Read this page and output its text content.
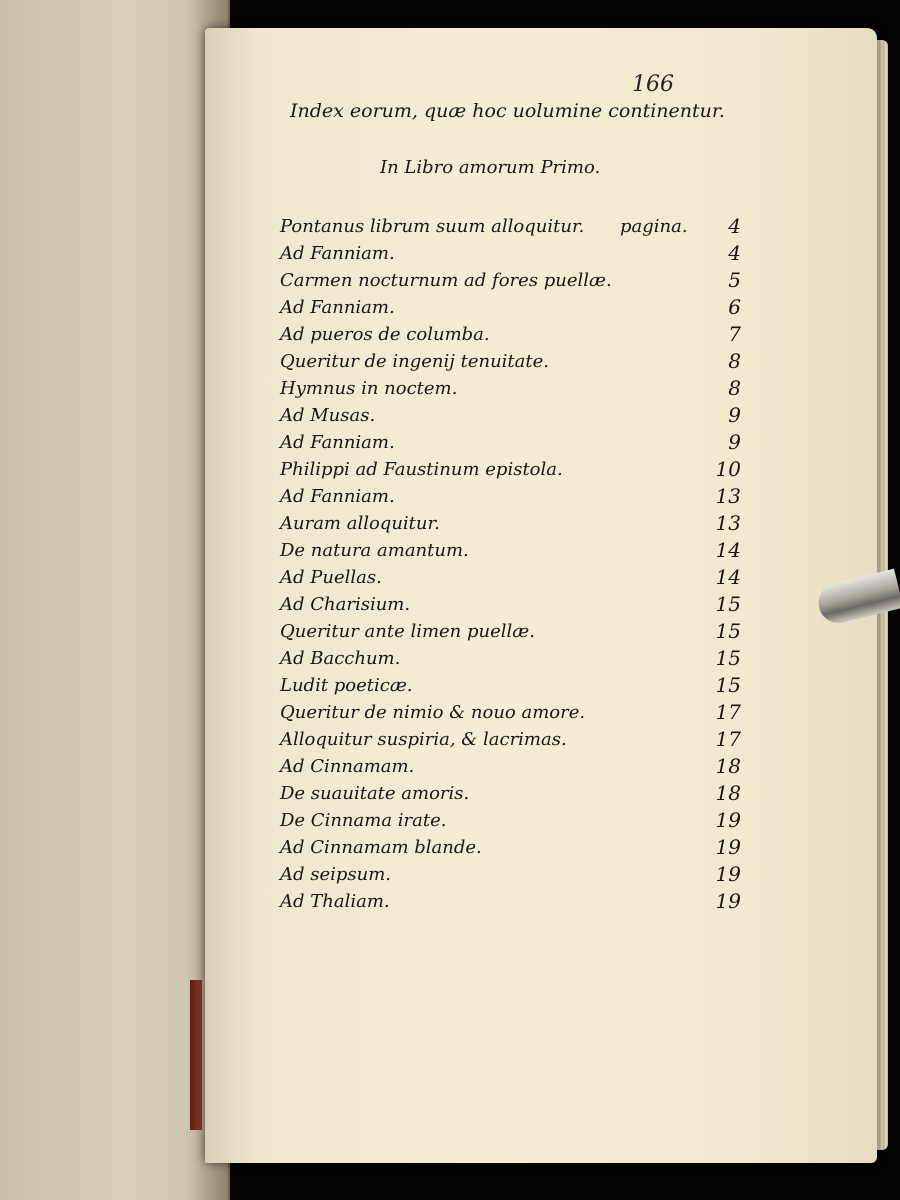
166
Index eorum, quæ hoc uolumine continentur.
In Libro amorum Primo.
Pontanus librum suum alloquitur. pagina. 4
Ad Fanniam.	4
Carmen nocturnum ad fores puellæ.	5
Ad Fanniam.	6
Ad pueros de columba.	7
Queritur de ingenij tenuitate.	8
Hymnus in noctem.	8
Ad Musas.	9
Ad Fanniam.	9
Philippi ad Faustinum epistola.	10
Ad Fanniam.	13
Auram alloquitur.	13
De natura amantum.	14
Ad Puellas.	14
Ad Charisium.	15
Queritur ante limen puellæ.	15
Ad Bacchum.	15
Ludit poeticæ.	15
Queritur de nimio & nouo amore.	17
Alloquitur suspiria, & lacrimas.	17
Ad Cinnamam.	18
De suauitate amoris.	18
De Cinnama irate.	19
Ad Cinnamam blande.	19
Ad seipsum.	19
Ad Thaliam.	19
